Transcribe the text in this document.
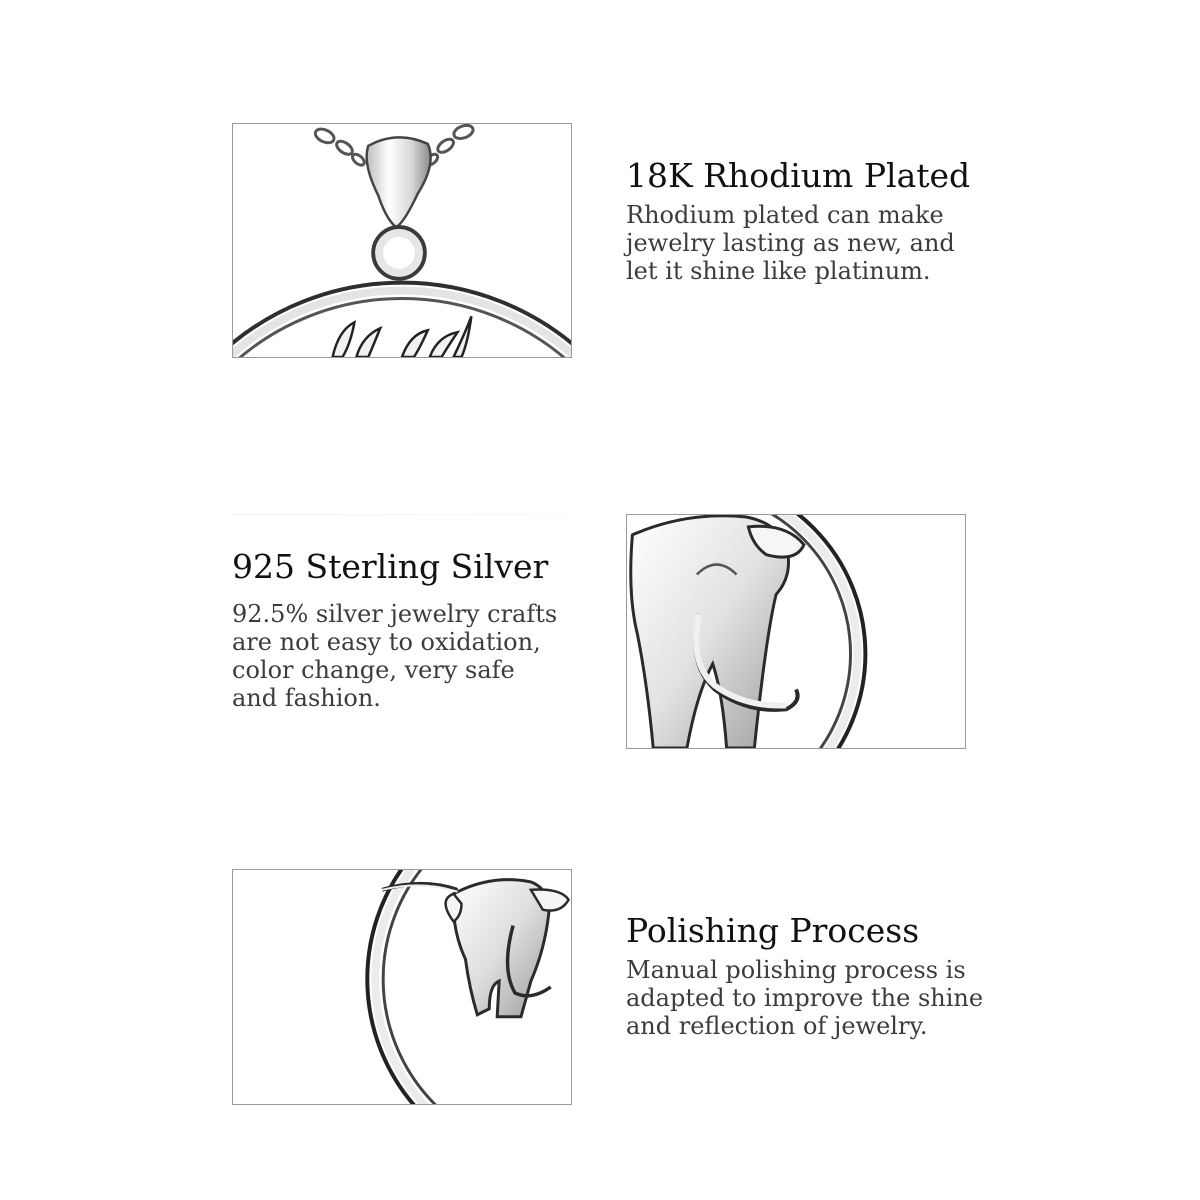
18K Rhodium Plated

Rhodium plated can make
jewelry lasting as new, and
let it shine like platinum.

925 Sterling Silver

92.5% silver jewelry crafts
are not easy to oxidation,
color change, very safe
and fashion.

Polishing Process

Manual polishing process is
adapted to improve the shine
and reflection of jewelry.
